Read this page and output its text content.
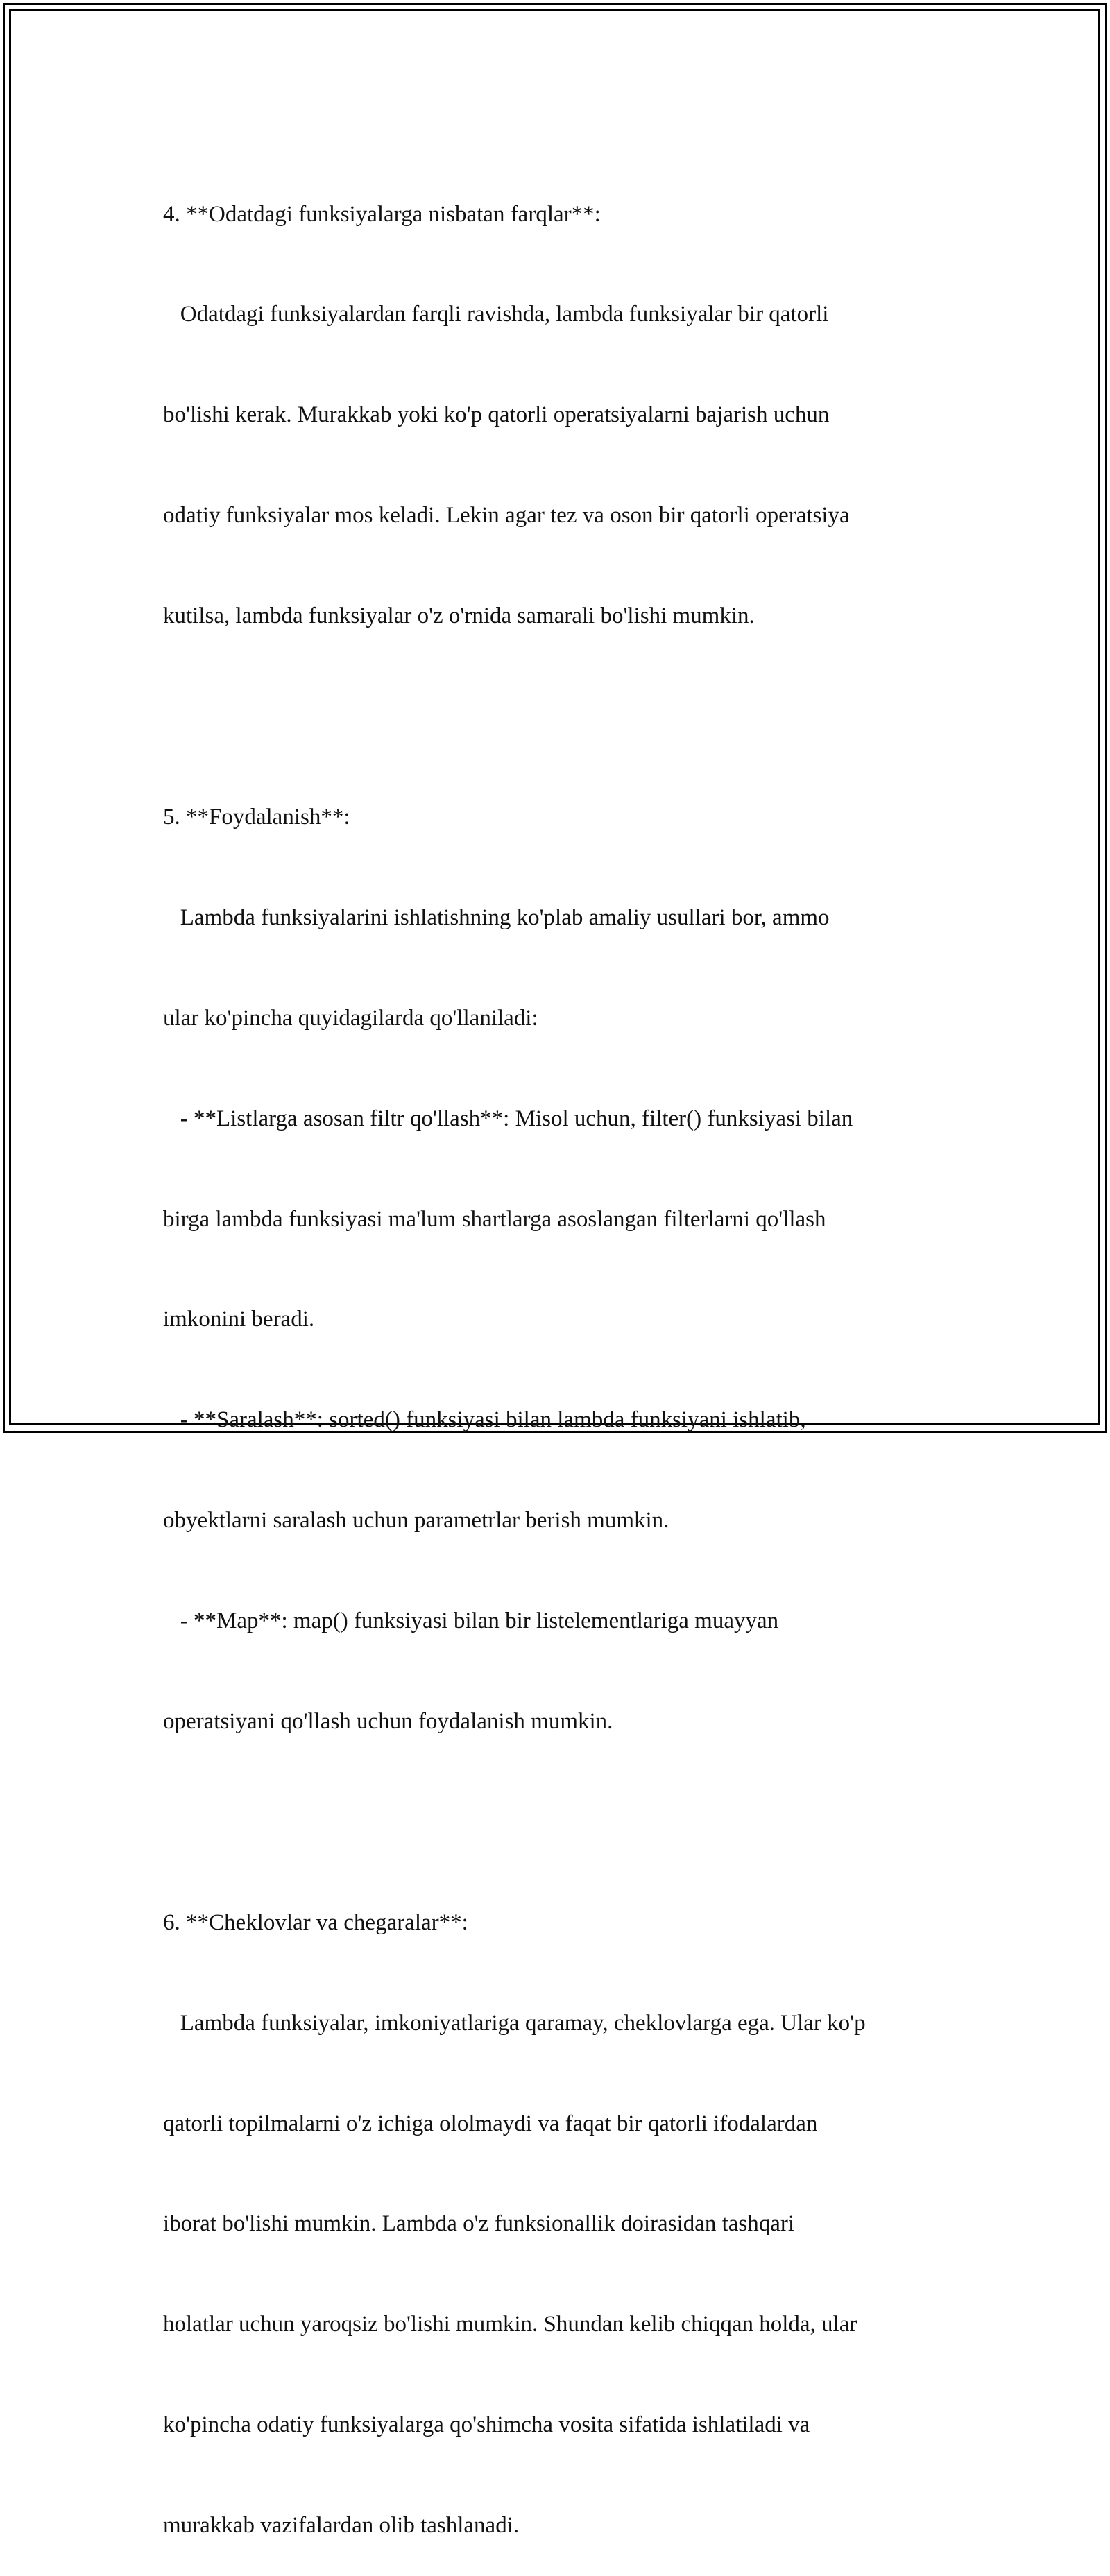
4. **Odatdagi funksiyalarga nisbatan farqlar**:

Odatdagi funksiyalardan farqli ravishda, lambda funksiyalar bir qatorli

bo'lishi kerak. Murakkab yoki ko'p qatorli operatsiyalarni bajarish uchun

odatiy funksiyalar mos keladi. Lekin agar tez va oson bir qatorli operatsiya

kutilsa, lambda funksiyalar o'z o'rnida samarali bo'lishi mumkin.

5. **Foydalanish**:

Lambda funksiyalarini ishlatishning ko'plab amaliy usullari bor, ammo

ular ko'pincha quyidagilarda qo'llaniladi:

- **Listlarga asosan filtr qo'llash**: Misol uchun, filter() funksiyasi bilan

birga lambda funksiyasi ma'lum shartlarga asoslangan filterlarni qo'llash

imkonini beradi.

- **Saralash**: sorted() funksiyasi bilan lambda funksiyani ishlatib,

obyektlarni saralash uchun parametrlar berish mumkin.

- **Map**: map() funksiyasi bilan bir listelementlariga muayyan

operatsiyani qo'llash uchun foydalanish mumkin.

6. **Cheklovlar va chegaralar**:

Lambda funksiyalar, imkoniyatlariga qaramay, cheklovlarga ega. Ular ko'p

qatorli topilmalarni o'z ichiga ololmaydi va faqat bir qatorli ifodalardan

iborat bo'lishi mumkin. Lambda o'z funksionallik doirasidan tashqari

holatlar uchun yaroqsiz bo'lishi mumkin. Shundan kelib chiqqan holda, ular

ko'pincha odatiy funksiyalarga qo'shimcha vosita sifatida ishlatiladi va

murakkab vazifalardan olib tashlanadi.
